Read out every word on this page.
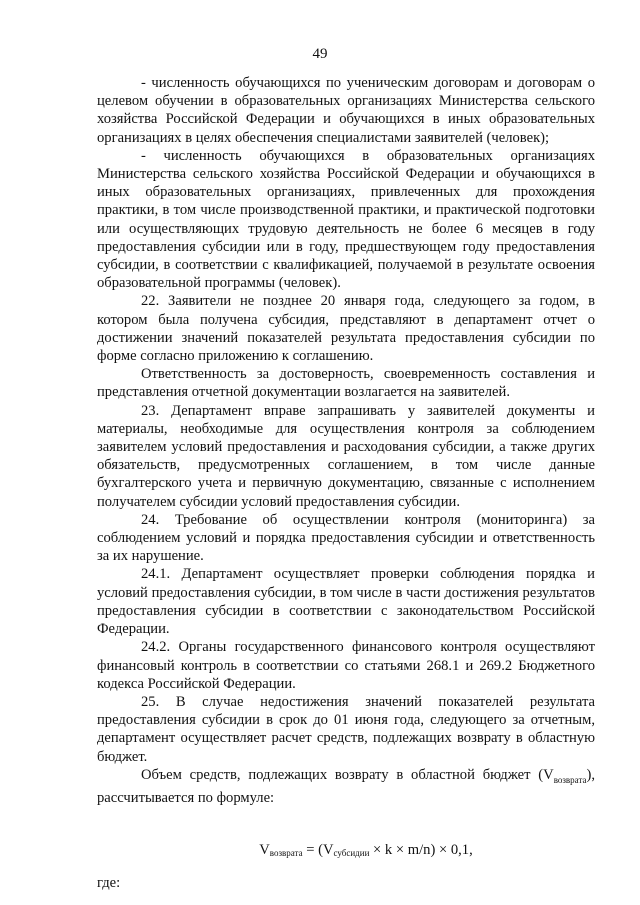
49

- численность обучающихся по ученическим договорам и договорам о целевом обучении в образовательных организациях Министерства сельского хозяйства Российской Федерации и обучающихся в иных образовательных организациях в целях обеспечения специалистами заявителей (человек);

- численность обучающихся в образовательных организациях Министерства сельского хозяйства Российской Федерации и обучающихся в иных образовательных организациях, привлеченных для прохождения практики, в том числе производственной практики, и практической подготовки или осуществляющих трудовую деятельность не более 6 месяцев в году предоставления субсидии или в году, предшествующем году предоставления субсидии, в соответствии с квалификацией, получаемой в результате освоения образовательной программы (человек).

22. Заявители не позднее 20 января года, следующего за годом, в котором была получена субсидия, представляют в департамент отчет о достижении значений показателей результата предоставления субсидии по форме согласно приложению к соглашению.

Ответственность за достоверность, своевременность составления и представления отчетной документации возлагается на заявителей.

23. Департамент вправе запрашивать у заявителей документы и материалы, необходимые для осуществления контроля за соблюдением заявителем условий предоставления и расходования субсидии, а также других обязательств, предусмотренных соглашением, в том числе данные бухгалтерского учета и первичную документацию, связанные с исполнением получателем субсидии условий предоставления субсидии.

24. Требование об осуществлении контроля (мониторинга) за соблюдением условий и порядка предоставления субсидии и ответственность за их нарушение.

24.1. Департамент осуществляет проверки соблюдения порядка и условий предоставления субсидии, в том числе в части достижения результатов предоставления субсидии в соответствии с законодательством Российской Федерации.

24.2. Органы государственного финансового контроля осуществляют финансовый контроль в соответствии со статьями 268.1 и 269.2 Бюджетного кодекса Российской Федерации.

25. В случае недостижения значений показателей результата предоставления субсидии в срок до 01 июня года, следующего за отчетным, департамент осуществляет расчет средств, подлежащих возврату в областную бюджет.

Объем средств, подлежащих возврату в областной бюджет $(V_{возврата})$, рассчитывается по формуле:

$V_{возврата} = (V_{субсидии} \times k \times m/n) \times 0,1$,
где:
